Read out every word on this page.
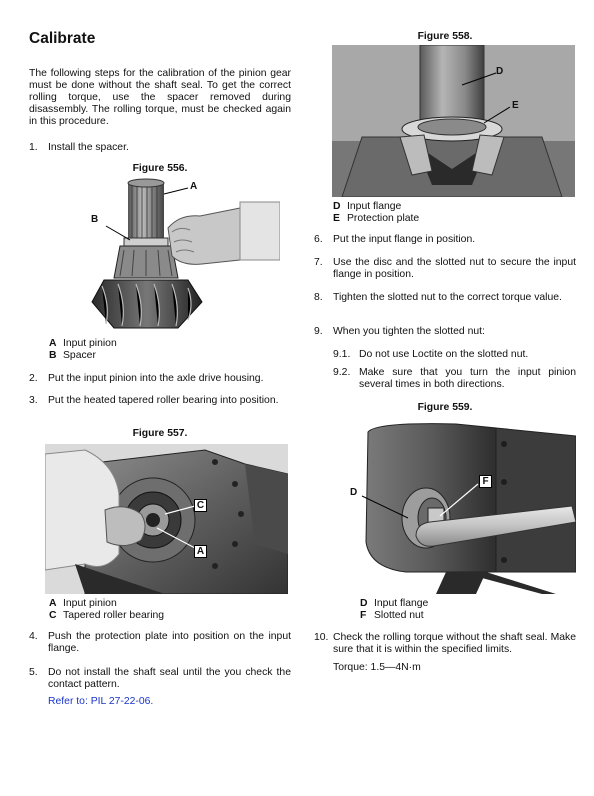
Calibrate

The following steps for the calibration of the pinion gear must be done without the shaft seal. To get the correct rolling torque, use the spacer removed during disassembly. The rolling torque, must be checked again in this procedure.

1. Install the spacer.
Figure 556.
A
B
A Input pinion
B Spacer
2. Put the input pinion into the axle drive housing.
3. Put the heated tapered roller bearing into position.
Figure 557.
C
A
A Input pinion
C Tapered roller bearing
4. Push the protection plate into position on the input flange.
5. Do not install the shaft seal until the you check the contact pattern.
Refer to: PIL 27-22-06.
Figure 558.
D
E
D Input flange
E Protection plate
6. Put the input flange in position.
7. Use the disc and the slotted nut to secure the input flange in position.
8. Tighten the slotted nut to the correct torque value.
9. When you tighten the slotted nut:
9.1. Do not use Loctite on the slotted nut.
9.2. Make sure that you turn the input pinion several times in both directions.
Figure 559.
D
F
D Input flange
F Slotted nut
10. Check the rolling torque without the shaft seal. Make sure that it is within the specified limits.
Torque: 1.5—4N·m
